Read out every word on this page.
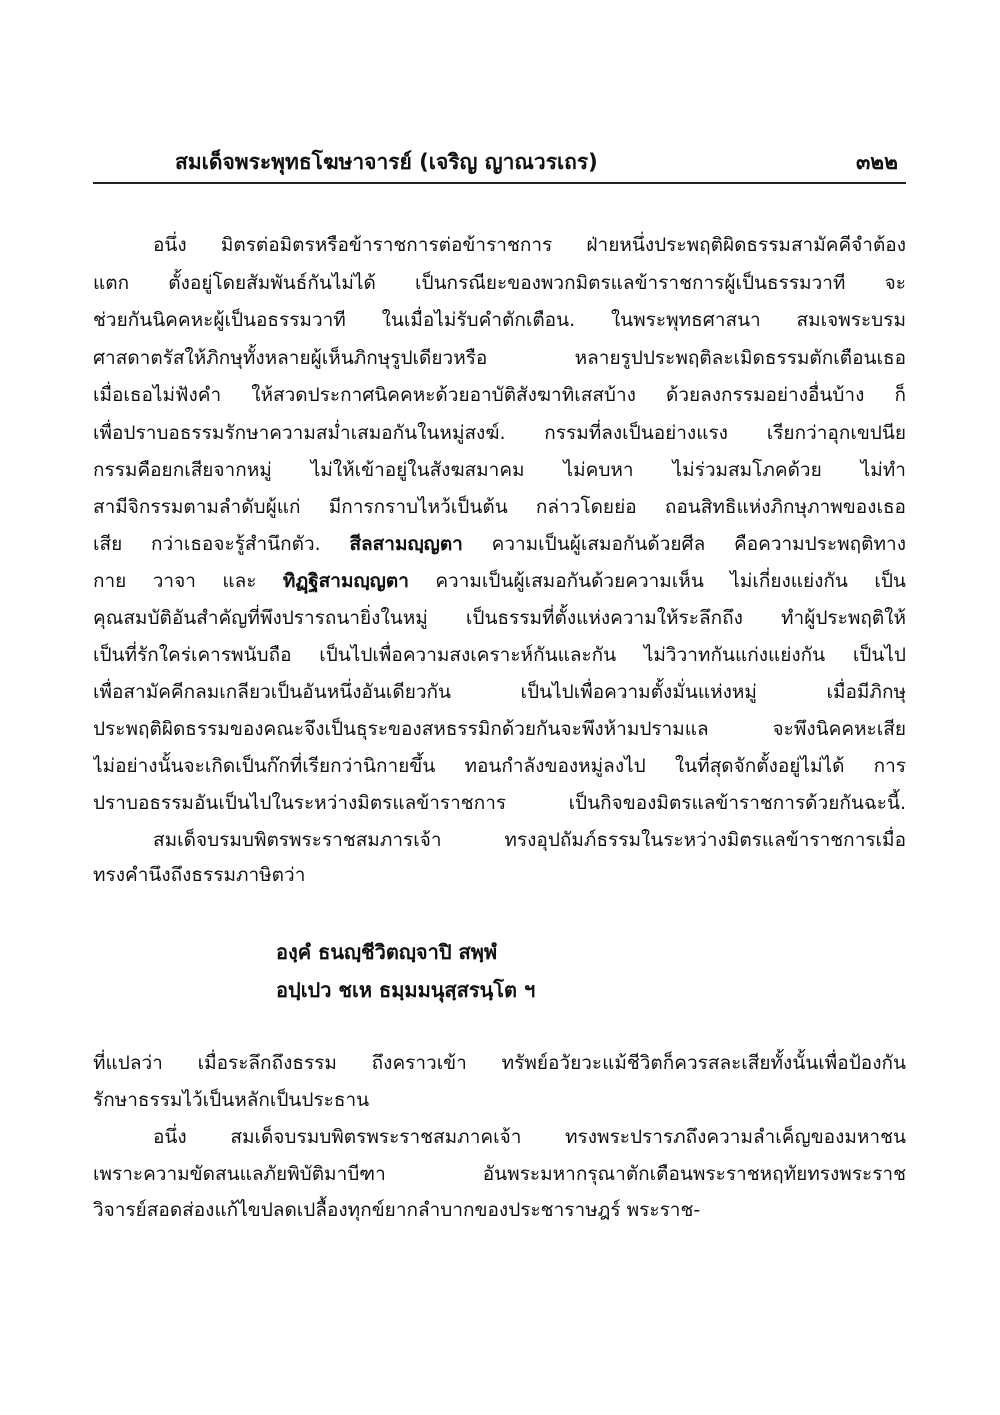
สมเด็จพระพุทธโฆษาจารย์ (เจริญ ญาณวรเถร)	๓๒๒
อนึ่ง มิตรต่อมิตรหรือข้าราชการต่อข้าราชการ ฝ่ายหนึ่งประพฤติผิดธรรมสามัคคีจำต้อง
แตก ตั้งอยู่โดยสัมพันธ์กันไม่ได้ เป็นกรณียะของพวกมิตรแลข้าราชการผู้เป็นธรรมวาที จะ
ช่วยกันนิคคหะผู้เป็นอธรรมวาที ในเมื่อไม่รับคำตักเตือน. ในพระพุทธศาสนา สมเจพระบรม
ศาสดาตรัสให้ภิกษุทั้งหลายผู้เห็นภิกษุรูปเดียวหรือ	หลายรูปประพฤติละเมิดธรรมตักเตือนเธอ
เมื่อเธอไม่ฟังคำ ให้สวดประกาศนิคคหะด้วยอาบัติสังฆาทิเสสบ้าง ด้วยลงกรรมอย่างอื่นบ้าง ก็
เพื่อปราบอธรรมรักษาความสม่ำเสมอกันในหมู่สงฆ์. กรรมที่ลงเป็นอย่างแรง เรียกว่าอุกเขปนีย
กรรมคือยกเสียจากหมู่ ไม่ให้เข้าอยู่ในสังฆสมาคม ไม่คบหา ไม่ร่วมสมโภคด้วย ไม่ทำ
สามีจิกรรมตามลำดับผู้แก่ มีการกราบไหว้เป็นต้น กล่าวโดยย่อ ถอนสิทธิแห่งภิกษุภาพของเธอ
เสีย กว่าเธอจะรู้สำนึกตัว. สีลสามญฺญตา ความเป็นผู้เสมอกันด้วยศีล คือความประพฤติทาง
กาย วาจา และ ทิฏฺฐิสามญฺญตา ความเป็นผู้เสมอกันด้วยความเห็น ไม่เกี่ยงแย่งกัน เป็น
คุณสมบัติอันสำคัญที่พึงปรารถนายิ่งในหมู่ เป็นธรรมที่ตั้งแห่งความให้ระลึกถึง ทำผู้ประพฤติให้
เป็นที่รักใคร่เคารพนับถือ เป็นไปเพื่อความสงเคราะห์กันและกัน ไม่วิวาทกันแก่งแย่งกัน เป็นไป
เพื่อสามัคคีกลมเกลียวเป็นอันหนึ่งอันเดียวกัน	เป็นไปเพื่อความตั้งมั่นแห่งหมู่	เมื่อมีภิกษุ
ประพฤติผิดธรรมของคณะจึงเป็นธุระของสหธรรมิกด้วยกันจะพึงห้ามปรามแล	จะพึงนิคคหะเสีย
ไม่อย่างนั้นจะเกิดเป็นก๊กที่เรียกว่านิกายขึ้น ทอนกำลังของหมู่ลงไป ในที่สุดจักตั้งอยู่ไม่ได้ การ
ปราบอธรรมอันเป็นไปในระหว่างมิตรแลข้าราชการ	เป็นกิจของมิตรแลข้าราชการด้วยกันฉะนี้.
สมเด็จบรมบพิตรพระราชสมภารเจ้า	ทรงอุปถัมภ์ธรรมในระหว่างมิตรแลข้าราชการเมื่อ
ทรงคำนึงถึงธรรมภาษิตว่า
องฺคํ ธนญฺชีวิตญฺจาปิ สพฺพํ
อปฺเปว ชเห ธมฺมมนุสฺสรนฺโต ฯ
ที่แปลว่า เมื่อระลึกถึงธรรม ถึงคราวเข้า ทรัพย์อวัยวะแม้ชีวิตก็ควรสละเสียทั้งนั้นเพื่อป้องกัน
รักษาธรรมไว้เป็นหลักเป็นประธาน
อนึ่ง สมเด็จบรมบพิตรพระราชสมภาคเจ้า ทรงพระปรารภถึงความลำเค็ญของมหาชน
เพราะความขัดสนแลภัยพิบัติมาบีฑา	อันพระมหากรุณาตักเตือนพระราชหฤทัยทรงพระราช
วิจารย์สอดส่องแก้ไขปลดเปลื้องทุกข์ยากลำบากของประชาราษฎร์ พระราช-
